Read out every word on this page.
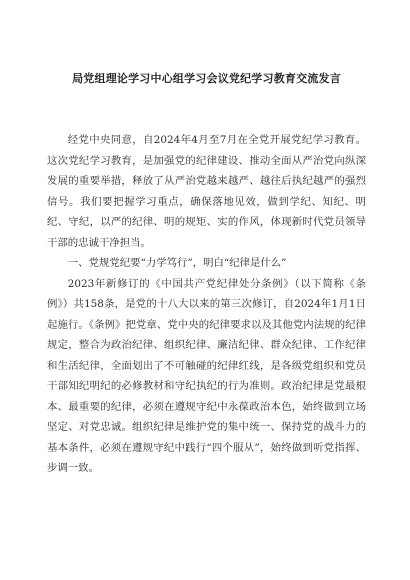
局党组理论学习中心组学习会议党纪学习教育交流发言

经党中央同意，自2024年4月至7月在全党开展党纪学习教育。这次党纪学习教育，是加强党的纪律建设、推动全面从严治党向纵深发展的重要举措，释放了从严治党越来越严、越往后执纪越严的强烈信号。我们要把握学习重点，确保落地见效，做到学纪、知纪、明纪、守纪，以严的纪律、明的规矩、实的作风，体现新时代党员领导干部的忠诚干净担当。

一、党规党纪要“力学笃行”，明白“纪律是什么”

2023年新修订的《中国共产党纪律处分条例》（以下简称《条例》）共158条，是党的十八大以来的第三次修订，自2024年1月1日起施行。《条例》把党章、党中央的纪律要求以及其他党内法规的纪律规定，整合为政治纪律、组织纪律、廉洁纪律、群众纪律、工作纪律和生活纪律，全面划出了不可触碰的纪律红线，是各级党组织和党员干部知纪明纪的必修教材和守纪执纪的行为准则。政治纪律是党最根本、最重要的纪律，必须在遵规守纪中永葆政治本色，始终做到立场坚定、对党忠诚。组织纪律是维护党的集中统一、保持党的战斗力的基本条件，必须在遵规守纪中践行“四个服从”，始终做到听党指挥、步调一致。
